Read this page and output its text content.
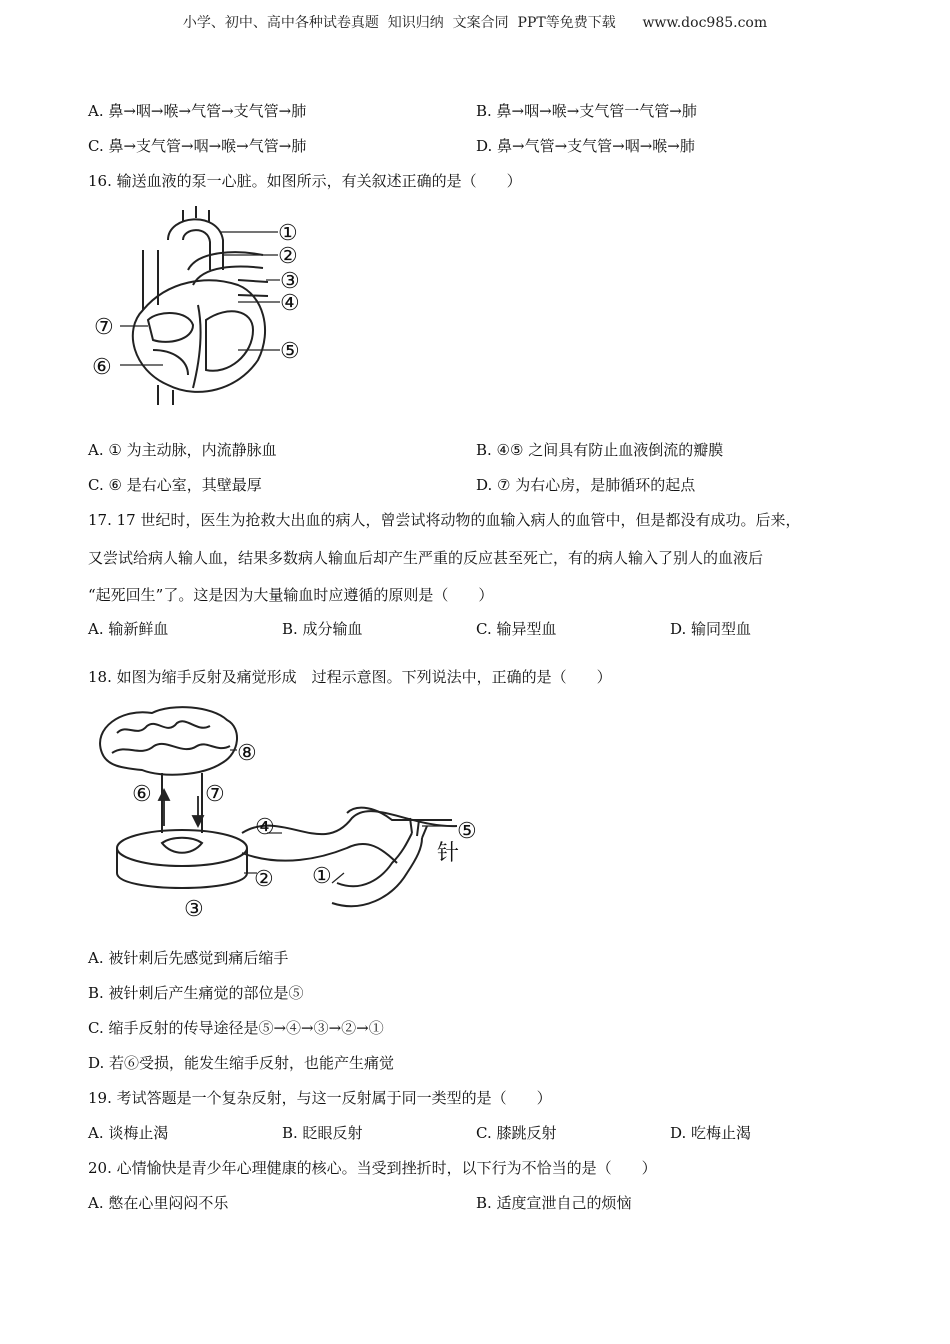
小学、初中、高中各种试卷真题  知识归纳  文案合同  PPT等免费下载      www.doc985.com
A. 鼻→咽→喉→气管→支气管→肺	B. 鼻→咽→喉→支气管一气管→肺
C. 鼻→支气管→咽→喉→气管→肺	D. 鼻→气管→支气管→咽→喉→肺
16. 输送血液的泵一心脏。如图所示，有关叙述正确的是（　　）
①
②
③
④
⑤
⑥
⑦
A. ① 为主动脉，内流静脉血	B. ④⑤ 之间具有防止血液倒流的瓣膜
C. ⑥ 是右心室，其壁最厚	D. ⑦ 为右心房，是肺循环的起点
17. 17 世纪时，医生为抢救大出血的病人，曾尝试将动物的血输入病人的血管中，但是都没有成功。后来，
又尝试给病人输人血，结果多数病人输血后却产生严重的反应甚至死亡，有的病人输入了别人的血液后
“起死回生”了。这是因为大量输血时应遵循的原则是（　　）
A. 输新鲜血	B. 成分输血	C. 输异型血	D. 输同型血
18. 如图为缩手反射及痛觉形成　过程示意图。下列说法中，正确的是（　　）
⑧
⑥ ⑦
④	⑤
针
② ①
③
A. 被针刺后先感觉到痛后缩手
B. 被针刺后产生痛觉的部位是⑤
C. 缩手反射的传导途径是⑤→④→③→②→①
D. 若⑥受损，能发生缩手反射，也能产生痛觉
19. 考试答题是一个复杂反射，与这一反射属于同一类型的是（　　）
A. 谈梅止渴	B. 眨眼反射	C. 膝跳反射	D. 吃梅止渴
20. 心情愉快是青少年心理健康的核心。当受到挫折时，以下行为不恰当的是（　　）
A. 憋在心里闷闷不乐	B. 适度宣泄自己的烦恼
